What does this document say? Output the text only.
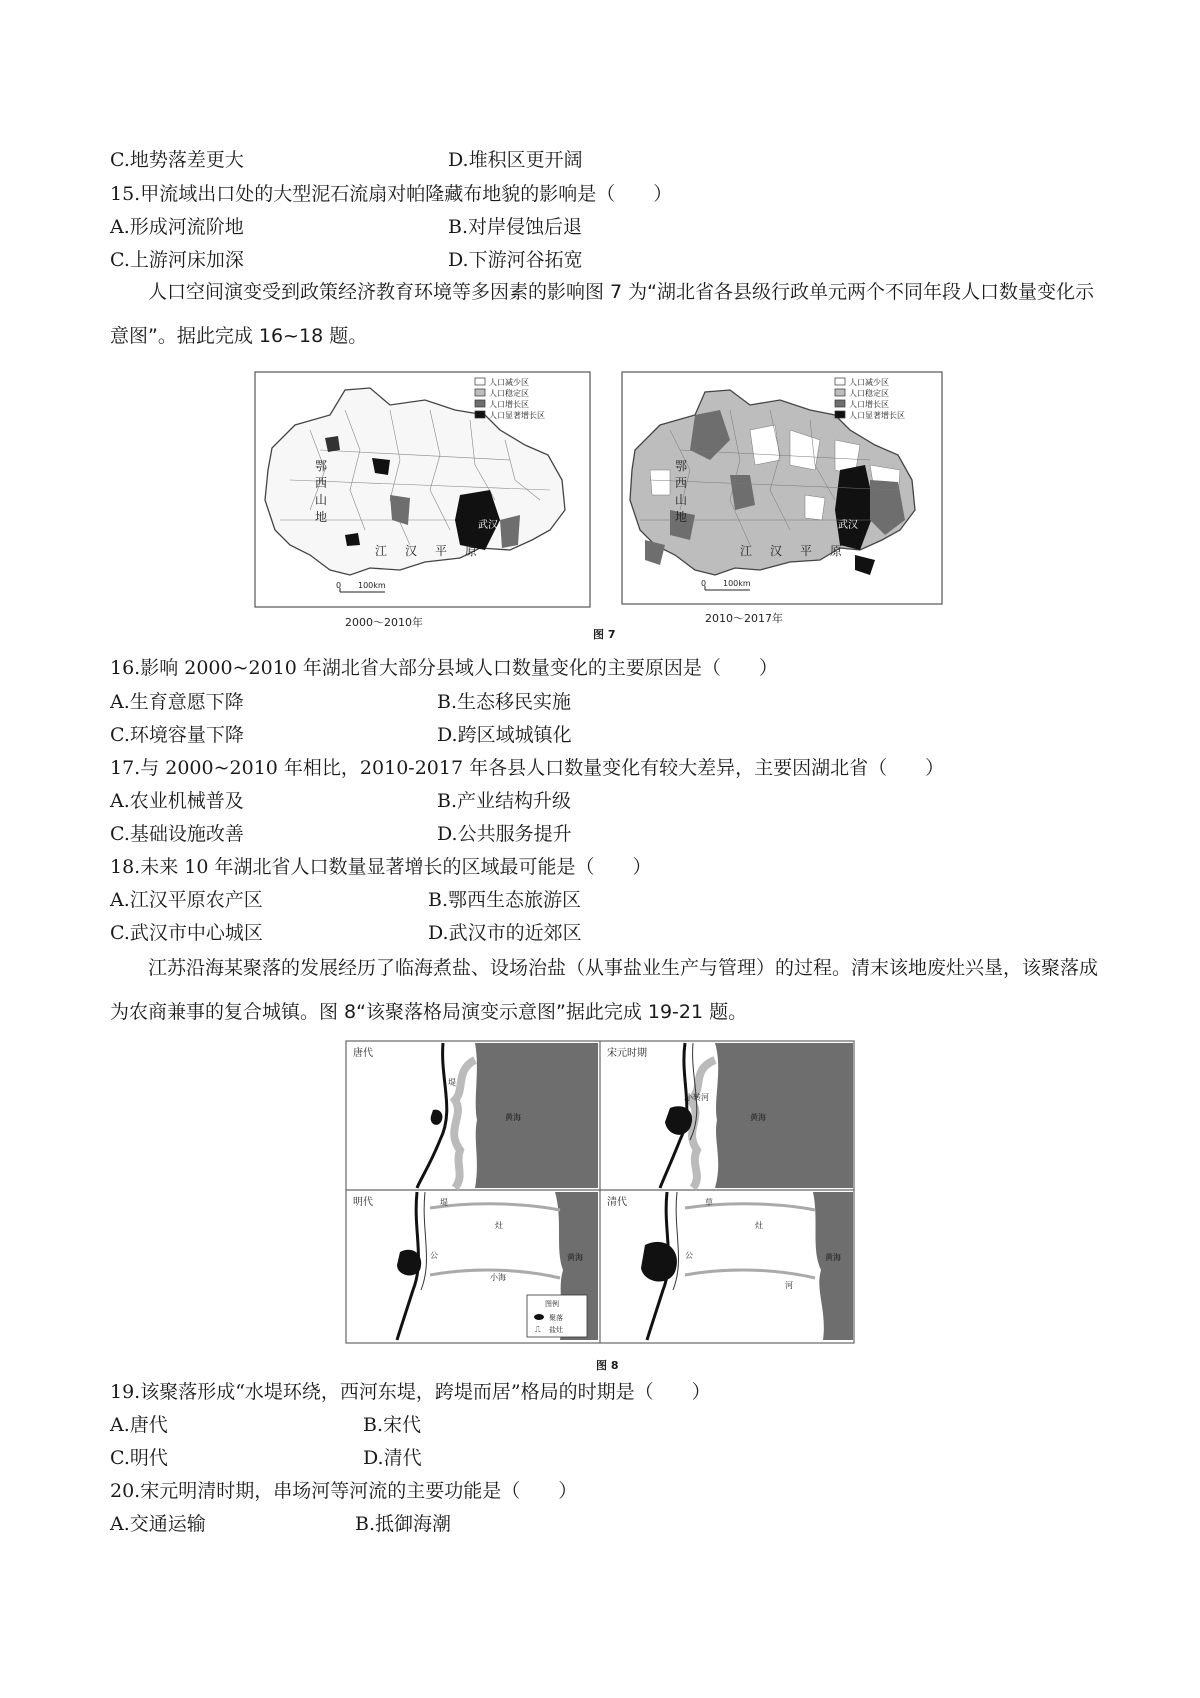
C.地势落差更大	D.堆积区更开阔
15.甲流域出口处的大型泥石流扇对帕隆藏布地貌的影响是（　　）
A.形成河流阶地	B.对岸侵蚀后退
C.上游河床加深	D.下游河谷拓宽
人口空间演变受到政策经济教育环境等多因素的影响图 7 为“湖北省各县级行政单元两个不同年段人口数量变化示意图”。据此完成 16~18 题。
鄂
西
山
地
江 汉 平 原
武汉
人口减少区
人口稳定区
人口增长区
人口显著增长区
0 100km
2000～2010年
鄂
西
山
地
江 汉 平 原
武汉
人口减少区
人口稳定区
人口增长区
人口显著增长区
0 100km
2010～2017年
图 7
16.影响 2000~2010 年湖北省大部分县域人口数量变化的主要原因是（　　）
A.生育意愿下降	B.生态移民实施
C.环境容量下降	D.跨区域城镇化
17.与 2000~2010 年相比，2010-2017 年各县人口数量变化有较大差异，主要因湖北省（　　）
A.农业机械普及	B.产业结构升级
C.基础设施改善	D.公共服务提升
18.未来 10 年湖北省人口数量显著增长的区域最可能是（　　）
A.江汉平原农产区	B.鄂西生态旅游区
C.武汉市中心城区	D.武汉市的近郊区
江苏沿海某聚落的发展经历了临海煮盐、设场治盐（从事盐业生产与管理）的过程。清末该地废灶兴垦，该聚落成为农商兼事的复合城镇。图 8“该聚落格局演变示意图”据此完成 19-21 题。
唐代
黄海
堤
宋元时期
黄海
小转河
明代
黄海
堤
灶
小海
公
图例
聚落
⎍ 盐灶
清代
黄海
草
灶
河
公
图 8
19.该聚落形成“水堤环绕，西河东堤，跨堤而居”格局的时期是（　　）
A.唐代	B.宋代
C.明代	D.清代
20.宋元明清时期，串场河等河流的主要功能是（　　）
A.交通运输	B.抵御海潮
